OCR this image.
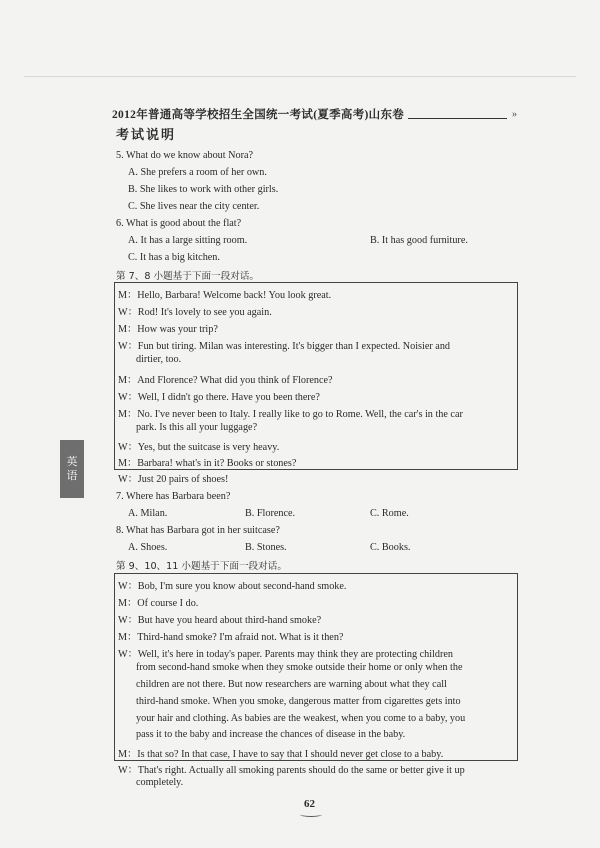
2012年普通高等学校招生全国统一考试(夏季高考)山东卷	»
考试说明
5. What do we know about Nora?
A. She prefers a room of her own.
B. She likes to work with other girls.
C. She lives near the city center.
6. What is good about the flat?
A. It has a large sitting room.	B. It has good furniture.
C. It has a big kitchen.
第 7、8 小题基于下面一段对话。
M：Hello, Barbara! Welcome back! You look great.
W：Rod! It's lovely to see you again.
M：How was your trip?
W：Fun but tiring. Milan was interesting. It's bigger than I expected. Noisier and
dirtier, too.
M：And Florence? What did you think of Florence?
W：Well, I didn't go there. Have you been there?
M：No. I've never been to Italy. I really like to go to Rome. Well, the car's in the car
park. Is this all your luggage?
W：Yes, but the suitcase is very heavy.
M：Barbara! what's in it? Books or stones?
W：Just 20 pairs of shoes!
7. Where has Barbara been?
A. Milan.	B. Florence.	C. Rome.
8. What has Barbara got in her suitcase?
A. Shoes.	B. Stones.	C. Books.
第 9、10、11 小题基于下面一段对话。
W：Bob, I'm sure you know about second-hand smoke.
M：Of course I do.
W：But have you heard about third-hand smoke?
M：Third-hand smoke? I'm afraid not. What is it then?
W：Well, it's here in today's paper. Parents may think they are protecting children
from second-hand smoke when they smoke outside their home or only when the
children are not there. But now researchers are warning about what they call
third-hand smoke. When you smoke, dangerous matter from cigarettes gets into
your hair and clothing. As babies are the weakest, when you come to a baby, you
pass it to the baby and increase the chances of disease in the baby.
M：Is that so? In that case, I have to say that I should never get close to a baby.
W：That's right. Actually all smoking parents should do the same or better give it up
completely.
英
语
62
